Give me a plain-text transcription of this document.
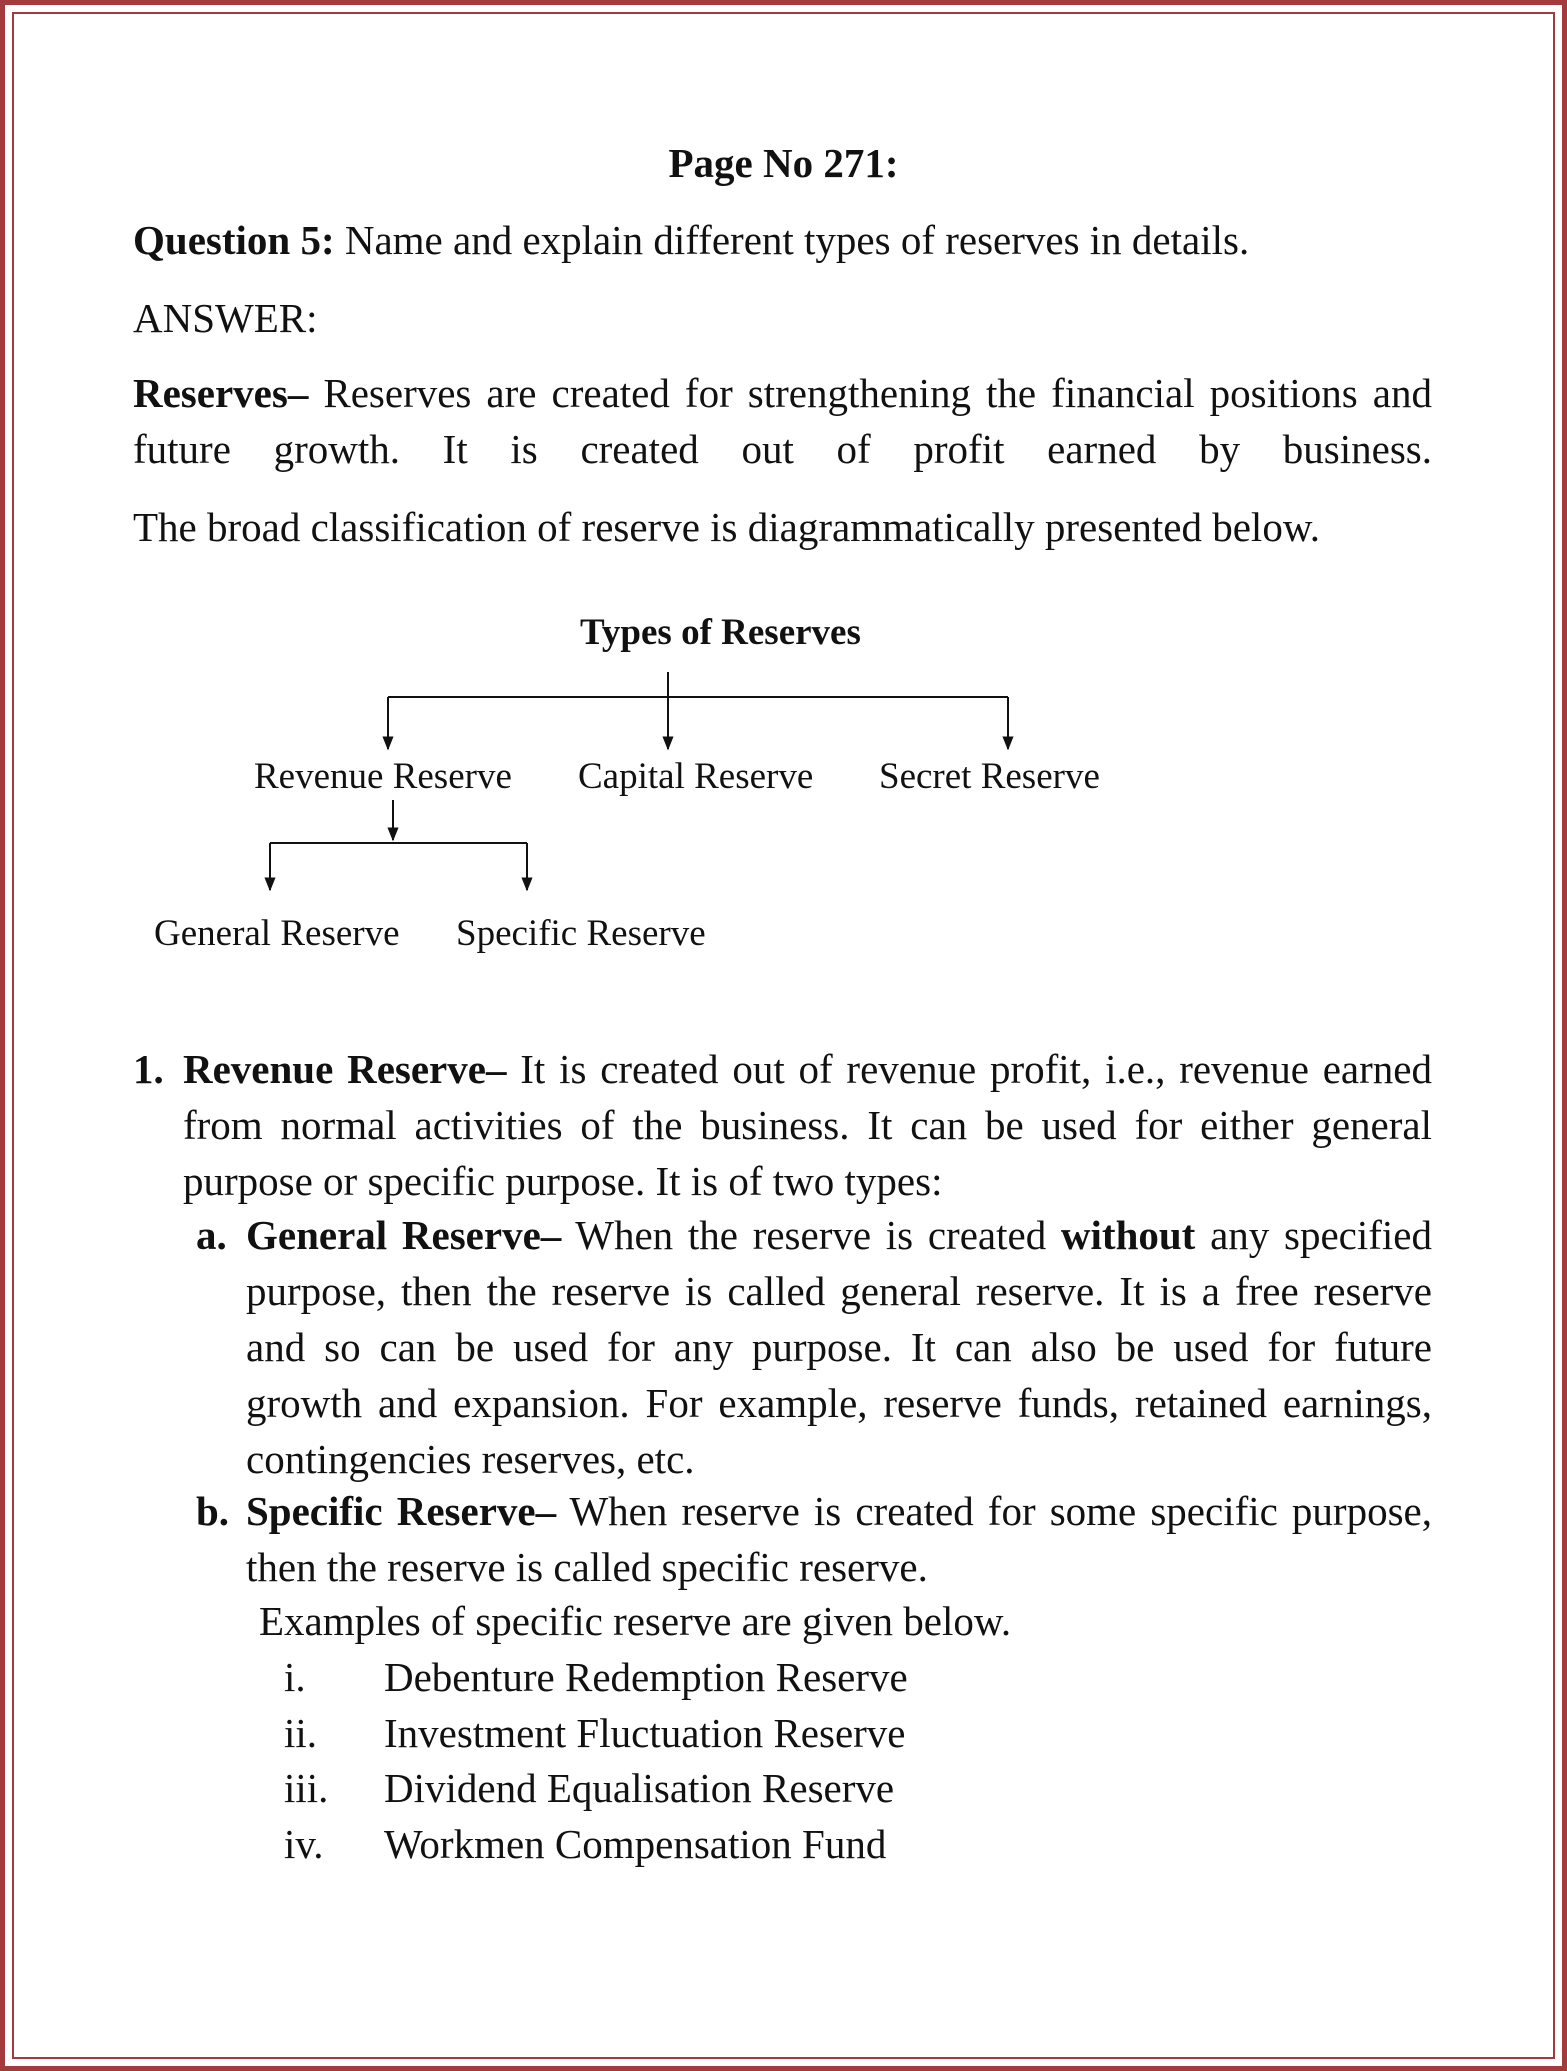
Page No 271:
Question 5: Name and explain different types of reserves in details.
ANSWER:
Reserves– Reserves are created for strengthening the financial positions and future growth. It is created out of profit earned by business.
The broad classification of reserve is diagrammatically presented below.
Types of Reserves
Revenue Reserve Capital Reserve Secret Reserve
General Reserve Specific Reserve
1. Revenue Reserve– It is created out of revenue profit, i.e., revenue earned from normal activities of the business. It can be used for either general purpose or specific purpose. It is of two types:
a. General Reserve– When the reserve is created without any specified purpose, then the reserve is called general reserve. It is a free reserve and so can be used for any purpose. It can also be used for future growth and expansion. For example, reserve funds, retained earnings, contingencies reserves, etc.
b. Specific Reserve– When reserve is created for some specific purpose, then the reserve is called specific reserve.
Examples of specific reserve are given below.
i. Debenture Redemption Reserve
ii. Investment Fluctuation Reserve
iii. Dividend Equalisation Reserve
iv. Workmen Compensation Fund
